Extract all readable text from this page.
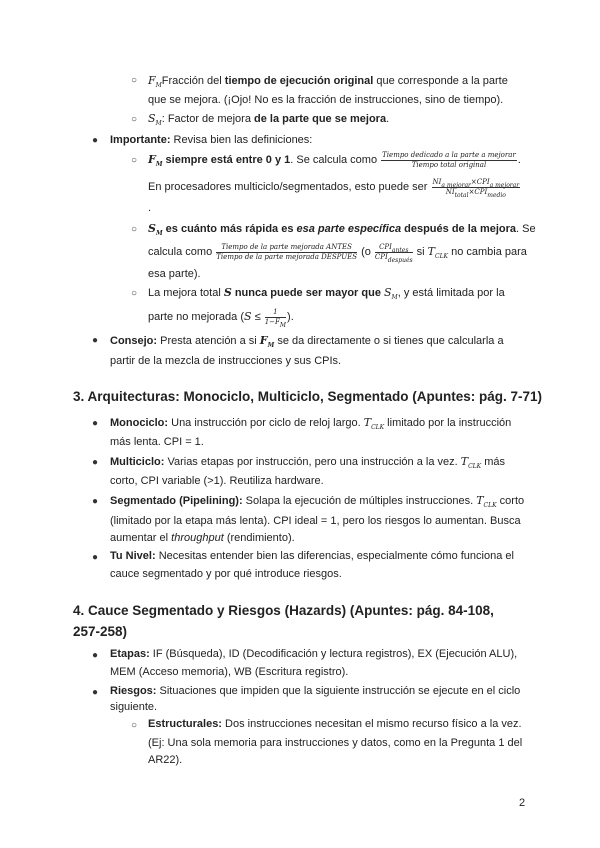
○ $F_MFracción$ del tiempo de ejecución original que corresponde a la parte
que se mejora. (¡Ojo! No es la fracción de instrucciones, sino de tiempo).
○ $S_M$: Factor de mejora de la parte que se mejora.
● Importante: Revisa bien las definiciones:
○ $F_M$ siempre está entre 0 y 1. Se calcula como $\frac{\text{Tiempo dedicado a la parte a mejorar}}{\text{Tiempo total original}}$ .
En procesadores multiciclo/segmentados, esto puede ser $\frac{\text{NIa mejorar×CPIa mejorar}}{\text{NItotal×CPImedio}}$
.
○ $S_M$ es cuánto más rápida es esa parte específica después de la mejora. Se
calcula como $\frac{\text{Tiempo de la parte mejorada ANTES}}{\text{Tiempo de la parte mejorada DESPUÉS}} (o \frac{\text{CPIantes}}{\text{CPIdespués}}$ si $T_{CLK}$ no cambia para
esa parte).
○ La mejora total S nunca puede ser mayor que $S_M$, y está limitada por la
parte no mejorada ($S \le \frac{1}{1-FM}$ ).
● Consejo: Presta atención a si $F_M$ se da directamente o si tienes que calcularla a
partir de la mezcla de instrucciones y sus CPIs.
3. Arquitecturas: Monociclo, Multiciclo, Segmentado (Apuntes: pág. 7-71)
● Monociclo: Una instrucción por ciclo de reloj largo. $T_{CLK}$ limitado por la instrucción
más lenta. CPI = 1.
● Multiciclo: Varias etapas por instrucción, pero una instrucción a la vez. $T_{CLK}$ más
corto, CPI variable (>1). Reutiliza hardware.
● Segmentado (Pipelining): Solapa la ejecución de múltiples instrucciones. $T_{CLK}$ corto
(limitado por la etapa más lenta). CPI ideal = 1, pero los riesgos lo aumentan. Busca
aumentar el throughput (rendimiento).
● Tu Nivel: Necesitas entender bien las diferencias, especialmente cómo funciona el
cauce segmentado y por qué introduce riesgos.
4. Cauce Segmentado y Riesgos (Hazards) (Apuntes: pág. 84-108,
257-258)
● Etapas: IF (Búsqueda), ID (Decodificación y lectura registros), EX (Ejecución ALU),
MEM (Acceso memoria), WB (Escritura registro).
● Riesgos: Situaciones que impiden que la siguiente instrucción se ejecute en el ciclo
siguiente.
○ Estructurales: Dos instrucciones necesitan el mismo recurso físico a la vez.
(Ej: Una sola memoria para instrucciones y datos, como en la Pregunta 1 del
AR22).
2
